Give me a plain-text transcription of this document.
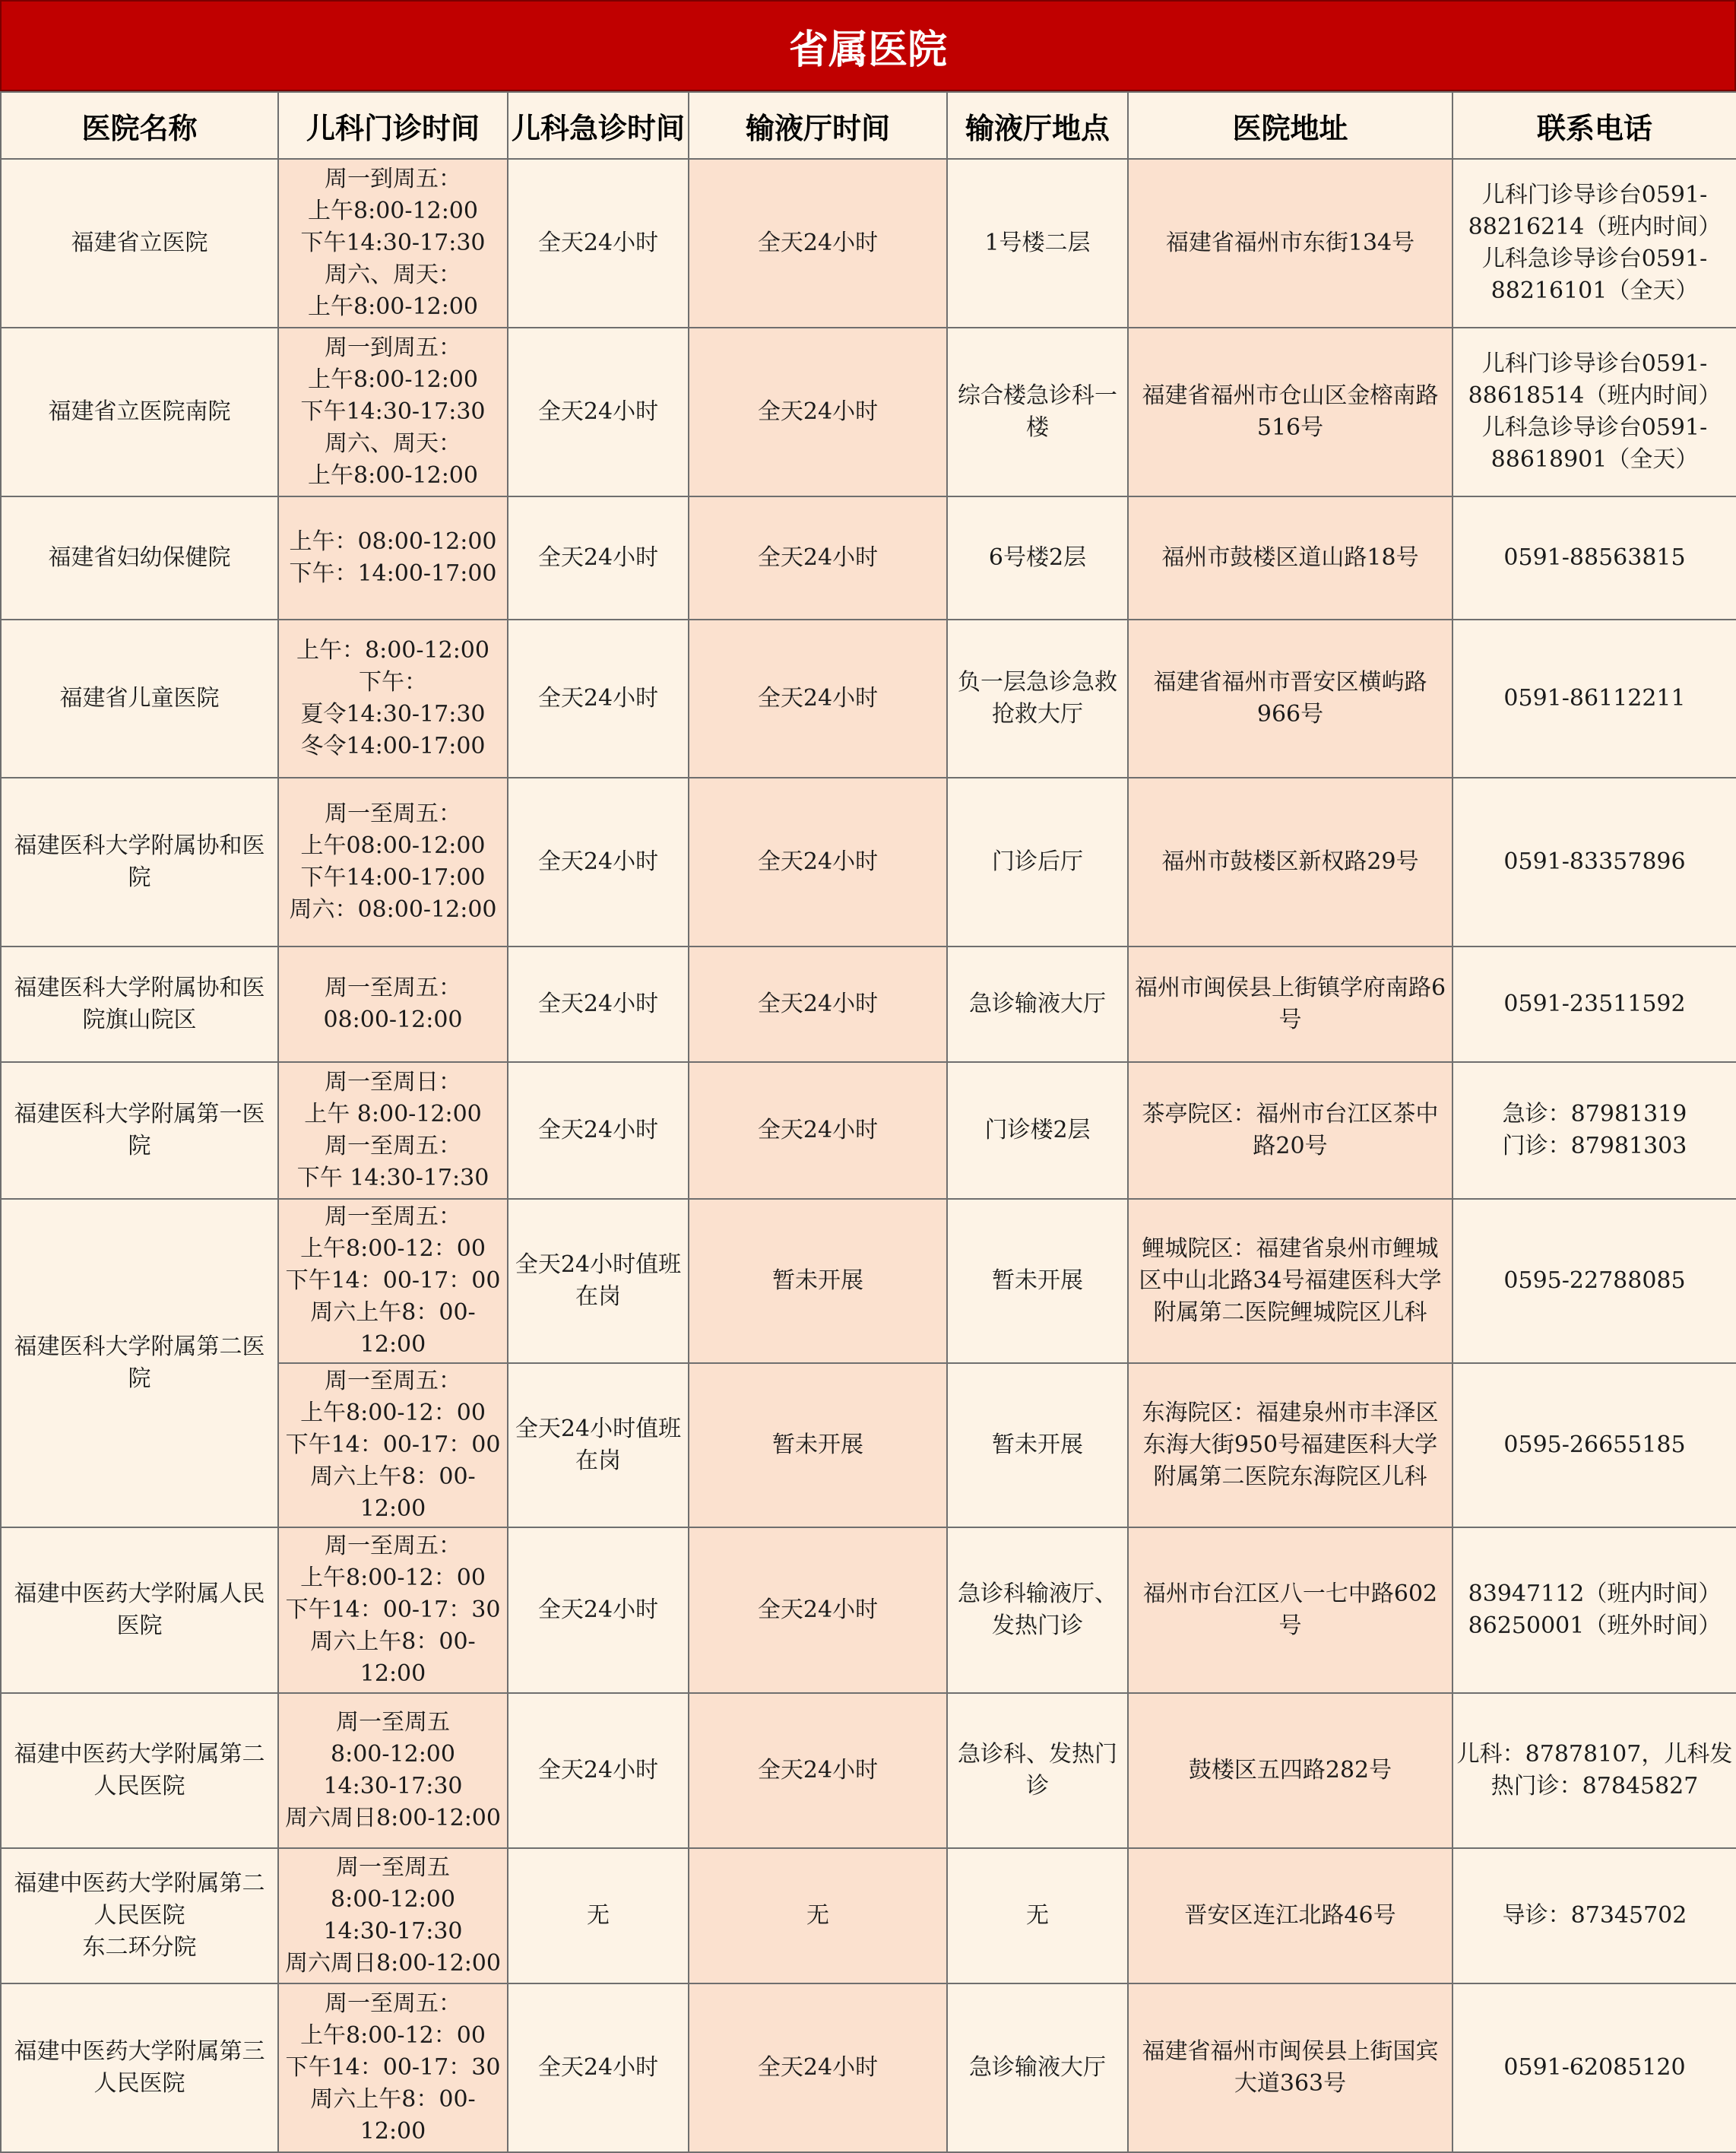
省属医院
医院名称	儿科门诊时间	儿科急诊时间	输液厅时间	输液厅地点	医院地址	联系电话

福建省立医院	周一到周五：
上午8:00-12:00
下午14:30-17:30
周六、周天：
上午8:00-12:00	全天24小时	全天24小时	1号楼二层	福建省福州市东街134号	儿科门诊导诊台0591-88216214（班内时间）
儿科急诊导诊台0591-88216101（全天）

福建省立医院南院	周一到周五：
上午8:00-12:00
下午14:30-17:30
周六、周天：
上午8:00-12:00	全天24小时	全天24小时	综合楼急诊科一楼	福建省福州市仓山区金榕南路516号	儿科门诊导诊台0591-88618514（班内时间）
儿科急诊导诊台0591-88618901（全天）

福建省妇幼保健院	上午：08:00-12:00
下午：14:00-17:00	全天24小时	全天24小时	6号楼2层	福州市鼓楼区道山路18号	0591-88563815

福建省儿童医院	上午：8:00-12:00
下午：
夏令14:30-17:30
冬令14:00-17:00	全天24小时	全天24小时	负一层急诊急救抢救大厅	福建省福州市晋安区横屿路966号	0591-86112211

福建医科大学附属协和医院	周一至周五：
上午08:00-12:00
下午14:00-17:00
周六：08:00-12:00	全天24小时	全天24小时	门诊后厅	福州市鼓楼区新权路29号	0591-83357896

福建医科大学附属协和医院旗山院区	周一至周五：
08:00-12:00	全天24小时	全天24小时	急诊输液大厅	福州市闽侯县上街镇学府南路6号	0591-23511592

福建医科大学附属第一医院	周一至周日：
上午 8:00-12:00
周一至周五：
下午 14:30-17:30	全天24小时	全天24小时	门诊楼2层	茶亭院区：福州市台江区茶中路20号	急诊：87981319
门诊：87981303

福建医科大学附属第二医院	周一至周五：
上午8:00-12：00
下午14：00-17：00
周六上午8：00-12:00	全天24小时值班在岗	暂未开展	暂未开展	鲤城院区：福建省泉州市鲤城区中山北路34号福建医科大学附属第二医院鲤城院区儿科	0595-22788085

	周一至周五：
上午8:00-12：00
下午14：00-17：00
周六上午8：00-12:00	全天24小时值班在岗	暂未开展	暂未开展	东海院区：福建泉州市丰泽区东海大街950号福建医科大学附属第二医院东海院区儿科	0595-26655185

福建中医药大学附属人民医院	周一至周五：
上午8:00-12：00
下午14：00-17：30
周六上午8：00-12:00	全天24小时	全天24小时	急诊科输液厅、发热门诊	福州市台江区八一七中路602号	83947112（班内时间）
86250001（班外时间）

福建中医药大学附属第二人民医院	周一至周五
8:00-12:00
14:30-17:30
周六周日8:00-12:00	全天24小时	全天24小时	急诊科、发热门诊	鼓楼区五四路282号	儿科：87878107，儿科发热门诊：87845827

福建中医药大学附属第二人民医院
东二环分院	周一至周五
8:00-12:00
14:30-17:30
周六周日8:00-12:00	无	无	无	晋安区连江北路46号	导诊：87345702

福建中医药大学附属第三人民医院	周一至周五：
上午8:00-12：00
下午14：00-17：30
周六上午8：00-12:00	全天24小时	全天24小时	急诊输液大厅	福建省福州市闽侯县上街国宾大道363号	0591-62085120
